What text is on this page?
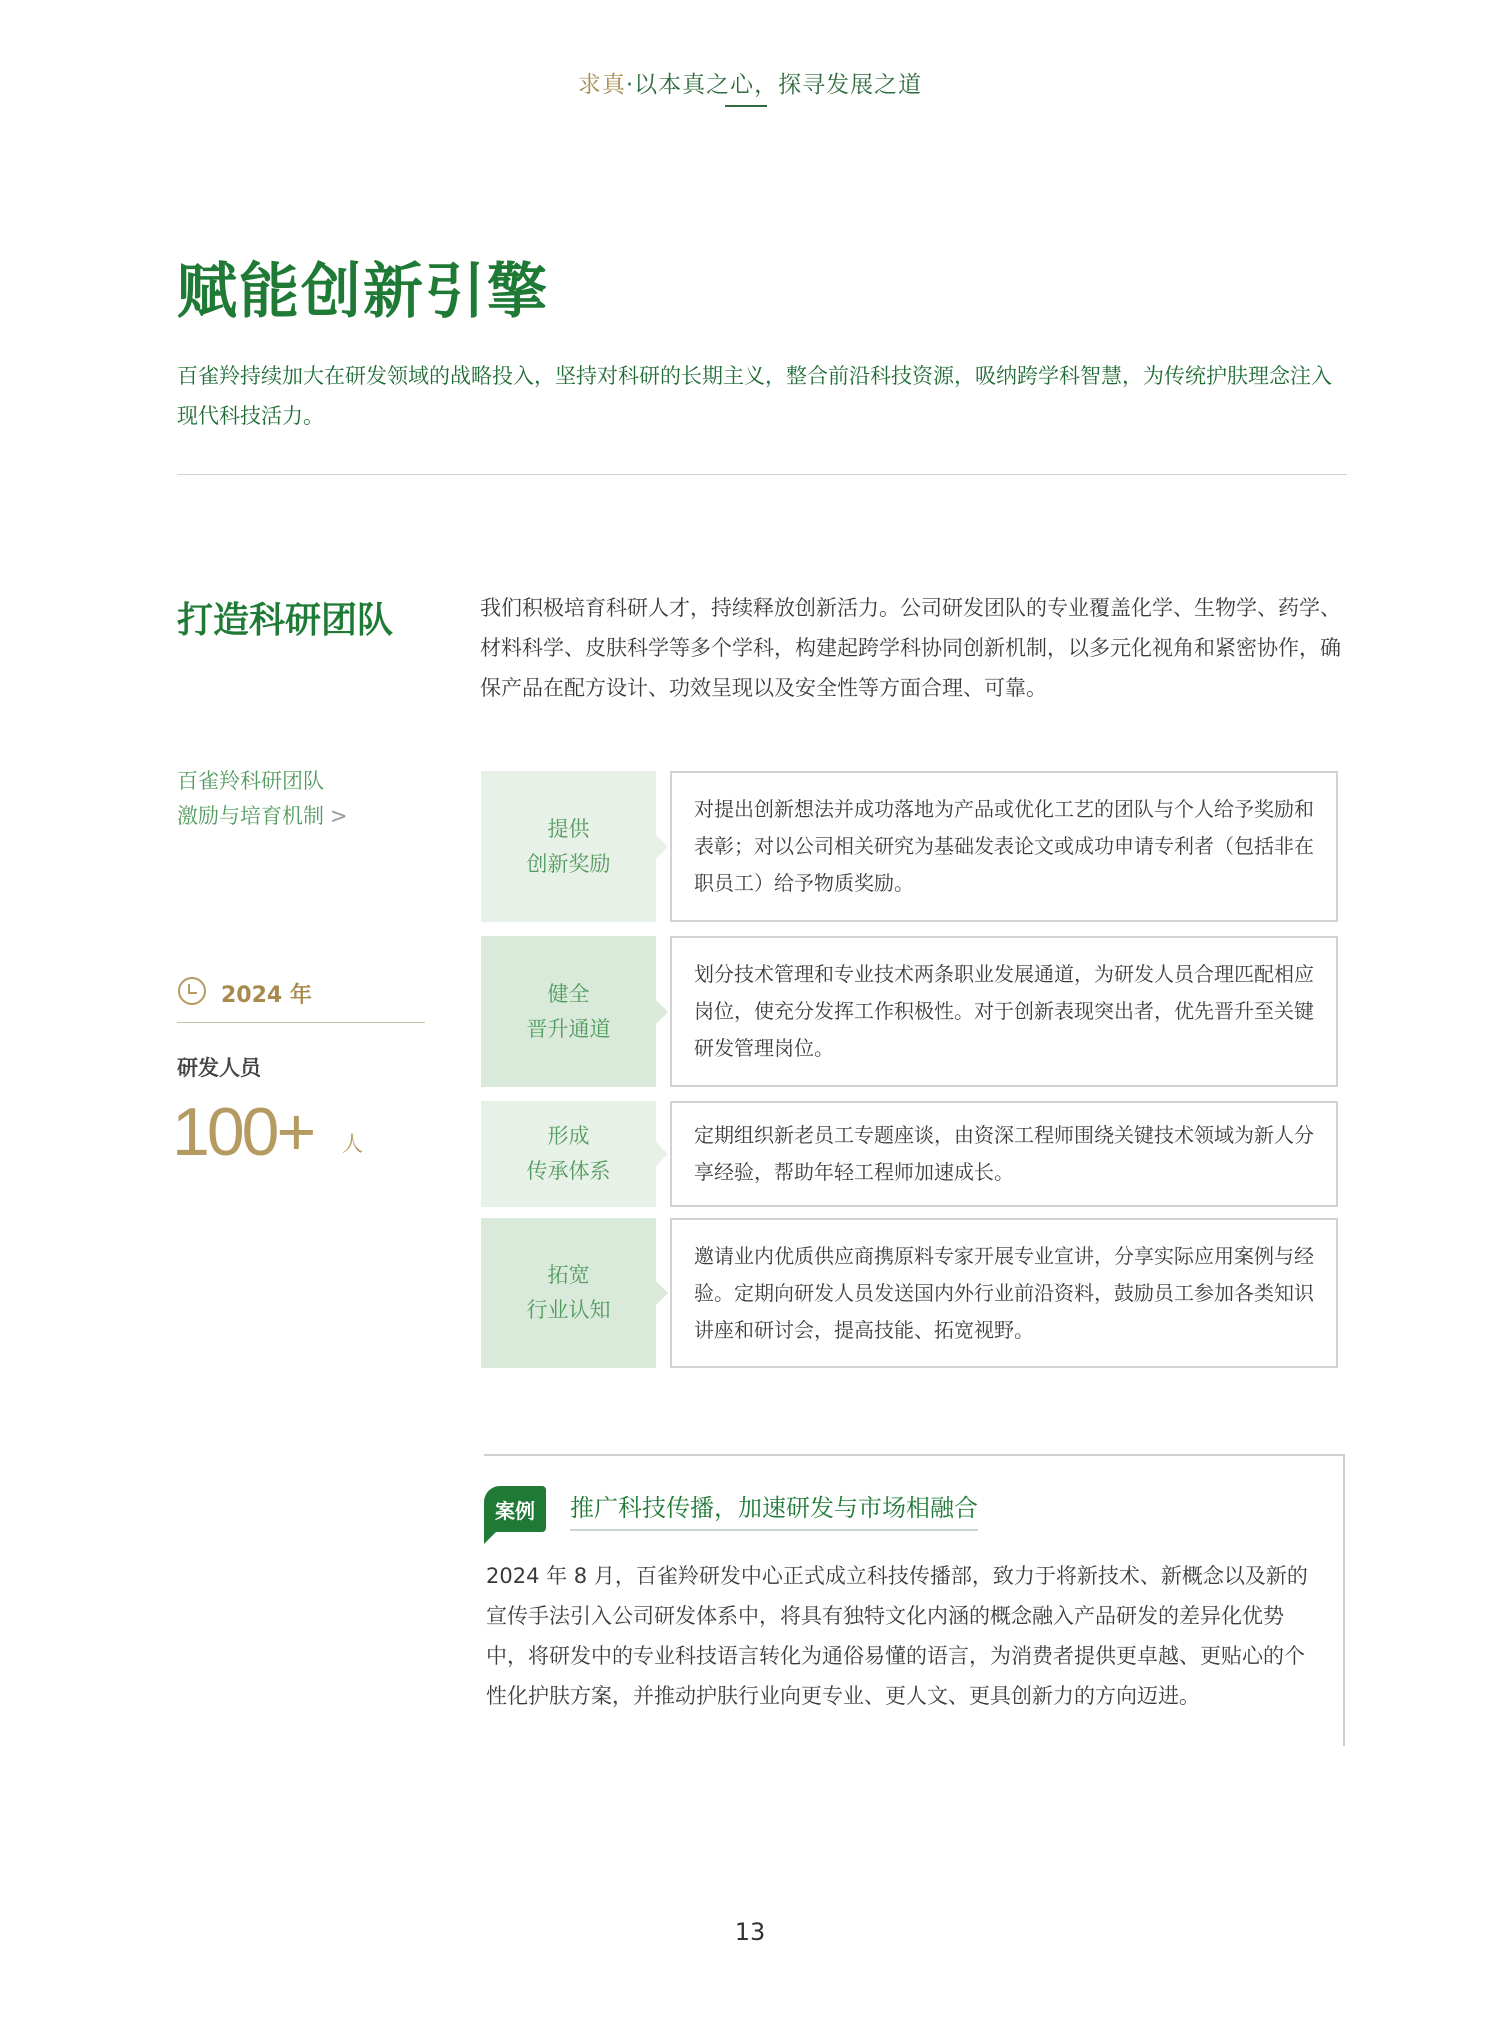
求真·以本真之心，探寻发展之道
赋能创新引擎
百雀羚持续加大在研发领域的战略投入，坚持对科研的长期主义，整合前沿科技资源，吸纳跨学科智慧，为传统护肤理念注入现代科技活力。
打造科研团队	我们积极培育科研人才，持续释放创新活力。公司研发团队的专业覆盖化学、生物学、药学、材料科学、皮肤科学等多个学科，构建起跨学科协同创新机制，以多元化视角和紧密协作，确保产品在配方设计、功效呈现以及安全性等方面合理、可靠。
百雀羚科研团队
激励与培育机制 >
2024 年
研发人员
100+ 人
提供
创新奖励
对提出创新想法并成功落地为产品或优化工艺的团队与个人给予奖励和表彰；对以公司相关研究为基础发表论文或成功申请专利者（包括非在职员工）给予物质奖励。
健全
晋升通道
划分技术管理和专业技术两条职业发展通道，为研发人员合理匹配相应岗位，使充分发挥工作积极性。对于创新表现突出者，优先晋升至关键研发管理岗位。
形成
传承体系
定期组织新老员工专题座谈，由资深工程师围绕关键技术领域为新人分享经验，帮助年轻工程师加速成长。
拓宽
行业认知
邀请业内优质供应商携原料专家开展专业宣讲，分享实际应用案例与经验。定期向研发人员发送国内外行业前沿资料，鼓励员工参加各类知识讲座和研讨会，提高技能、拓宽视野。
案例	推广科技传播，加速研发与市场相融合
2024 年 8 月，百雀羚研发中心正式成立科技传播部，致力于将新技术、新概念以及新的宣传手法引入公司研发体系中，将具有独特文化内涵的概念融入产品研发的差异化优势中，将研发中的专业科技语言转化为通俗易懂的语言，为消费者提供更卓越、更贴心的个性化护肤方案，并推动护肤行业向更专业、更人文、更具创新力的方向迈进。
13
